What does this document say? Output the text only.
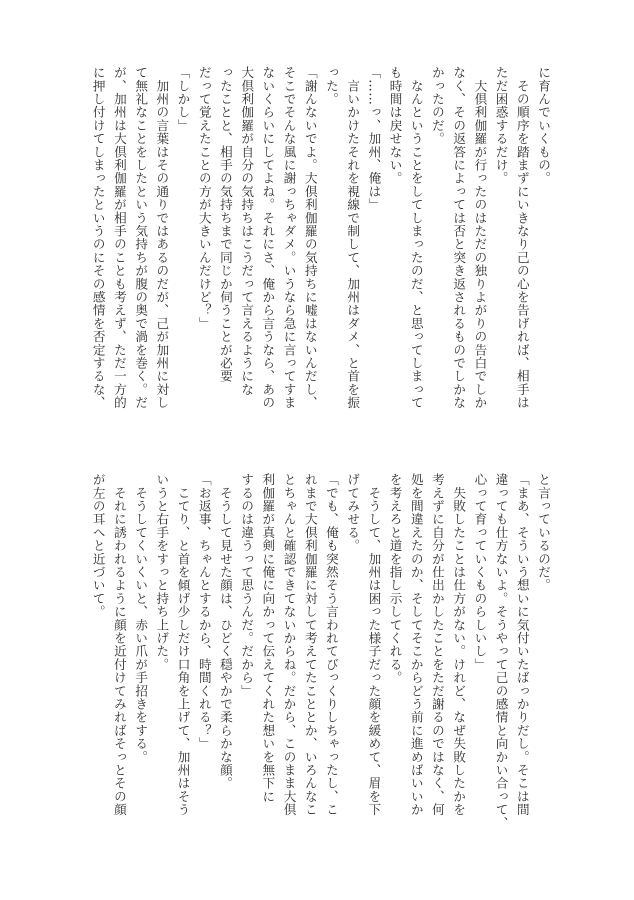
に育んでいくもの。
　その順序を踏まずにいきなり己の心を告げれば、相手は
ただ困惑するだけ。
　大倶利伽羅が行ったのはただの独りよがりの告白でしか
なく、その返答によっては否と突き返されるものでしかな
かったのだ。
　なんということをしてしまったのだ、と思ってしまって
も時間は戻せない。
「……っ、加州、俺は」
　言いかけたそれを視線で制して、加州はダメ、と首を振
った。
「謝んないでよ。大倶利伽羅の気持ちに嘘はないんだし、
そこでそんな風に謝っちゃダメ。いうなら急に言ってすま
ないくらいにしてよね。それにさ、俺から言うなら、あの
大倶利伽羅が自分の気持ちはこうだって言えるようにな
ったことと、相手の気持ちまで同じか伺うことが必要
だって覚えたことの方が大きいんだけど？」
「しかし」
　加州の言葉はその通りではあるのだが、己が加州に対し
て無礼なことをしたという気持ちが腹の奥で渦を巻く。だ
が、加州は大倶利伽羅が相手のことも考えず、ただ一方的
に押し付けてしまったというのにその感情を否定するな、
と言っているのだ。
「まあ、そういう想いに気付いたばっかりだし。そこは間
違っても仕方ないよ。そうやって己の感情と向かい合って、
心って育っていくものらしいし」
　失敗したことは仕方がない。けれど、なぜ失敗したかを
考えずに自分が仕出かしたことをただ謝るのではなく、何
処を間違えたのか、そしてそこからどう前に進めばいいか
を考えろと道を指し示してくれる。
　そうして、加州は困った様子だった顔を緩めて、眉を下
げてみせる。
「でも、俺も突然そう言われてびっくりしちゃったし、こ
れまで大倶利伽羅に対して考えてたこととか、いろんなこ
とちゃんと確認できてないからね。だから、このまま大倶
利伽羅が真剣に俺に向かって伝えてくれた想いを無下に
するのは違うって思うんだ。だから」
　そうして見せた顔は、ひどく穏やかで柔らかな顔。
「お返事、ちゃんとするから、時間くれる？」
　こてり、と首を傾げ少しだけ口角を上げて、加州はそう
いうと右手をすっと持ち上げた。
　そうしてくいくいと、赤い爪が手招きをする。
　それに誘われるように顔を近付けてみればそっとその顔
が左の耳へと近づいて。
